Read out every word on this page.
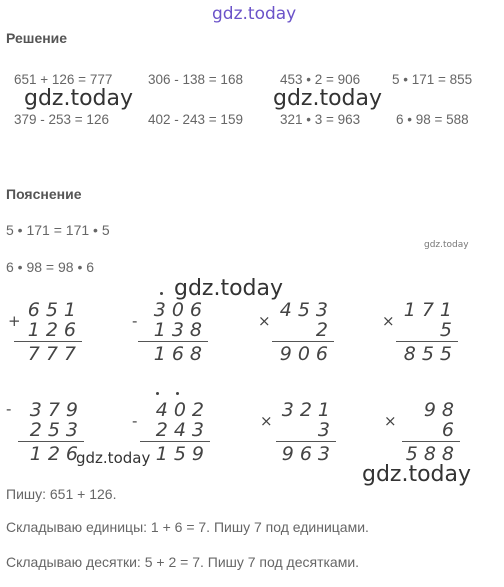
gdz.today
Решение
651 + 126 = 777	306 - 138 = 168	453 • 2 = 906 5 • 171 = 855
379 - 253 = 126	402 - 243 = 159	321 • 3 = 963	6 • 98 = 588
gdz.today	gdz.today
Пояснение
5 • 171 = 171 • 5
gdz.today
6 • 98 = 98 • 6
gdz.today
+ 651
126
777
- 306
138
168
× 453
2
906
× 171
5
855
- 379
253
126
- 402
243
159
× 321
3
963
×	98
6
588
gdz.today
gdz.today
Пишу: 651 + 126.
Складываю единицы: 1 + 6 = 7. Пишу 7 под единицами.
Складываю десятки: 5 + 2 = 7. Пишу 7 под десятками.
